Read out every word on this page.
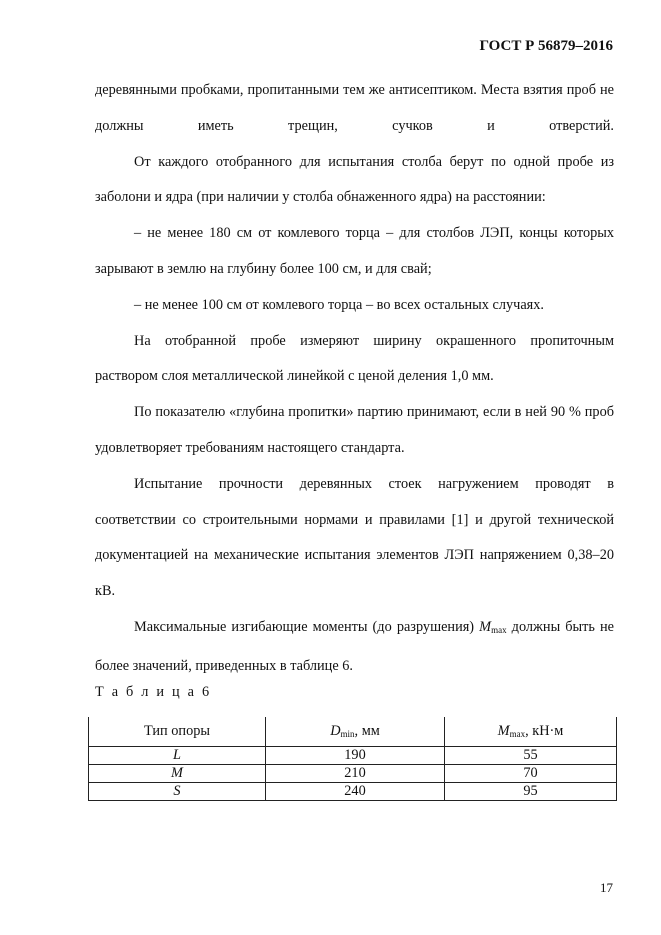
ГОСТ Р 56879–2016

деревянными пробками, пропитанными тем же антисептиком. Места взятия проб не должны иметь трещин, сучков и отверстий.

От каждого отобранного для испытания столба берут по одной пробе из заболони и ядра (при наличии у столба обнаженного ядра) на расстоянии:

– не менее 180 см от комлевого торца – для столбов ЛЭП, концы которых зарывают в землю на глубину более 100 см, и для свай;

– не менее 100 см от комлевого торца – во всех остальных случаях.

На отобранной пробе измеряют ширину окрашенного пропиточным раствором слоя металлической линейкой с ценой деления 1,0 мм.

По показателю «глубина пропитки» партию принимают, если в ней 90 % проб удовлетворяет требованиям настоящего стандарта.

Испытание прочности деревянных стоек нагружением проводят в соответствии со строительными нормами и правилами [1] и другой технической документацией на механические испытания элементов ЛЭП напряжением 0,38–20 кВ.

Максимальные изгибающие моменты (до разрушения) $M_{max}$ должны быть не более значений, приведенных в таблице 6.

Т а б л и ц а 6
Тип опоры	$D_{min}$, мм	$M_{max}$, кН·м
L	190	55
M	210	70
S	240	95
17
